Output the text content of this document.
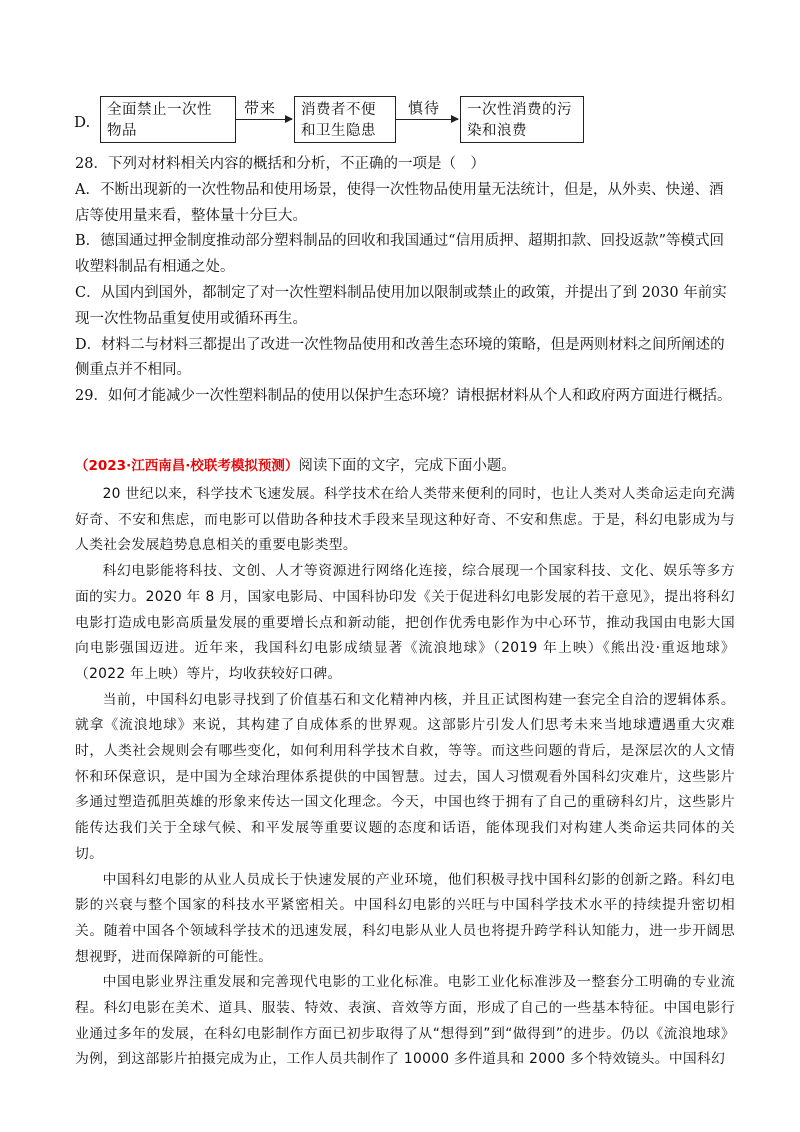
D.
全面禁止一次性
物品
带来 消费者不便
和卫生隐患
慎待 一次性消费的污
染和浪费

28．下列对材料相关内容的概括和分析，不正确的一项是（　）

A．不断出现新的一次性物品和使用场景，使得一次性物品使用量无法统计，但是，从外卖、快递、酒店等使用量来看，整体量十分巨大。

B．德国通过押金制度推动部分塑料制品的回收和我国通过“信用质押、超期扣款、回投返款”等模式回收塑料制品有相通之处。

C．从国内到国外，都制定了对一次性塑料制品使用加以限制或禁止的政策，并提出了到 2030 年前实现一次性物品重复使用或循环再生。

D．材料二与材料三都提出了改进一次性物品使用和改善生态环境的策略，但是两则材料之间所阐述的侧重点并不相同。

29．如何才能减少一次性塑料制品的使用以保护生态环境？请根据材料从个人和政府两方面进行概括。

（2023·江西南昌·校联考模拟预测）阅读下面的文字，完成下面小题。

20 世纪以来，科学技术飞速发展。科学技术在给人类带来便利的同时，也让人类对人类命运走向充满好奇、不安和焦虑，而电影可以借助各种技术手段来呈现这种好奇、不安和焦虑。于是，科幻电影成为与人类社会发展趋势息息相关的重要电影类型。

科幻电影能将科技、文创、人才等资源进行网络化连接，综合展现一个国家科技、文化、娱乐等多方面的实力。2020 年 8 月，国家电影局、中国科协印发《关于促进科幻电影发展的若干意见》，提出将科幻电影打造成电影高质量发展的重要增长点和新动能，把创作优秀电影作为中心环节，推动我国由电影大国向电影强国迈进。近年来，我国科幻电影成绩显著《流浪地球》（2019 年上映）《熊出没·重返地球》（2022 年上映）等片，均收获较好口碑。

当前，中国科幻电影寻找到了价值基石和文化精神内核，并且正试图构建一套完全自洽的逻辑体系。就拿《流浪地球》来说，其构建了自成体系的世界观。这部影片引发人们思考未来当地球遭遇重大灾难时，人类社会规则会有哪些变化，如何利用科学技术自救，等等。而这些问题的背后，是深层次的人文情怀和环保意识，是中国为全球治理体系提供的中国智慧。过去，国人习惯观看外国科幻灾难片，这些影片多通过塑造孤胆英雄的形象来传达一国文化理念。今天，中国也终于拥有了自己的重磅科幻片，这些影片能传达我们关于全球气候、和平发展等重要议题的态度和话语，能体现我们对构建人类命运共同体的关切。

中国科幻电影的从业人员成长于快速发展的产业环境，他们积极寻找中国科幻影的创新之路。科幻电影的兴衰与整个国家的科技水平紧密相关。中国科幻电影的兴旺与中国科学技术水平的持续提升密切相关。随着中国各个领域科学技术的迅速发展，科幻电影从业人员也将提升跨学科认知能力，进一步开阔思想视野，进而保障新的可能性。

中国电影业界注重发展和完善现代电影的工业化标准。电影工业化标准涉及一整套分工明确的专业流程。科幻电影在美术、道具、服装、特效、表演、音效等方面，形成了自己的一些基本特征。中国电影行业通过多年的发展，在科幻电影制作方面已初步取得了从“想得到”到“做得到”的进步。仍以《流浪地球》为例，到这部影片拍摄完成为止，工作人员共制作了 10000 多件道具和 2000 多个特效镜头。中国科幻
